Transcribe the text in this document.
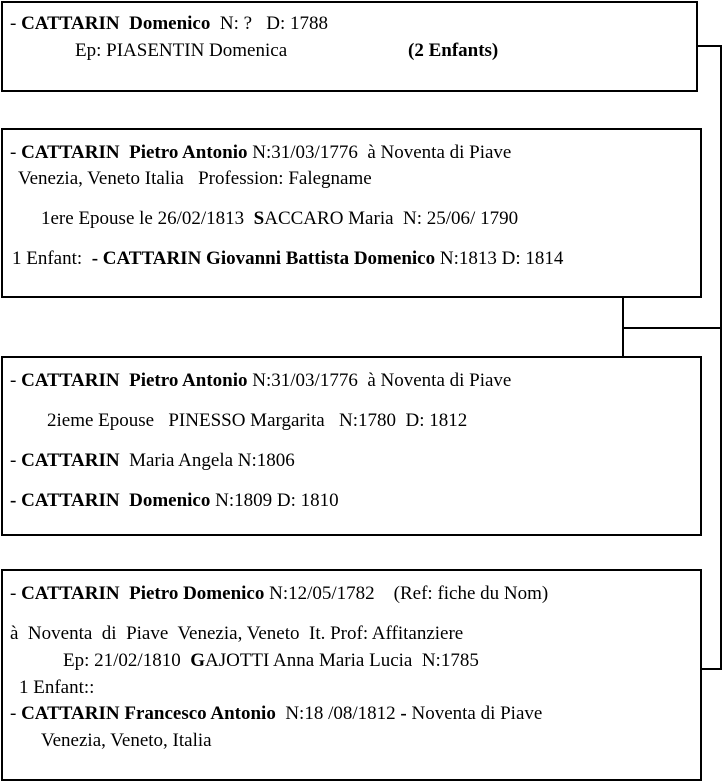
- CATTARIN  Domenico  N: ?   D: 1788
Ep: PIASENTIN Domenica	(2 Enfants)
- CATTARIN  Pietro Antonio N:31/03/1776  à Noventa di Piave
Venezia, Veneto Italia   Profession: Falegname
1ere Epouse le 26/02/1813  SACCARO Maria  N: 25/06/ 1790
1 Enfant:  - CATTARIN Giovanni Battista Domenico N:1813 D: 1814
- CATTARIN  Pietro Antonio N:31/03/1776  à Noventa di Piave
2ieme Epouse   PINESSO Margarita   N:1780  D: 1812
- CATTARIN  Maria Angela N:1806
- CATTARIN  Domenico N:1809 D: 1810
- CATTARIN  Pietro Domenico N:12/05/1782    (Ref: fiche du Nom)
à  Noventa  di  Piave  Venezia, Veneto  It. Prof: Affitanziere
Ep: 21/02/1810  GAJOTTI Anna Maria Lucia  N:1785
1 Enfant::
- CATTARIN Francesco Antonio  N:18 /08/1812 - Noventa di Piave
Venezia, Veneto, Italia
